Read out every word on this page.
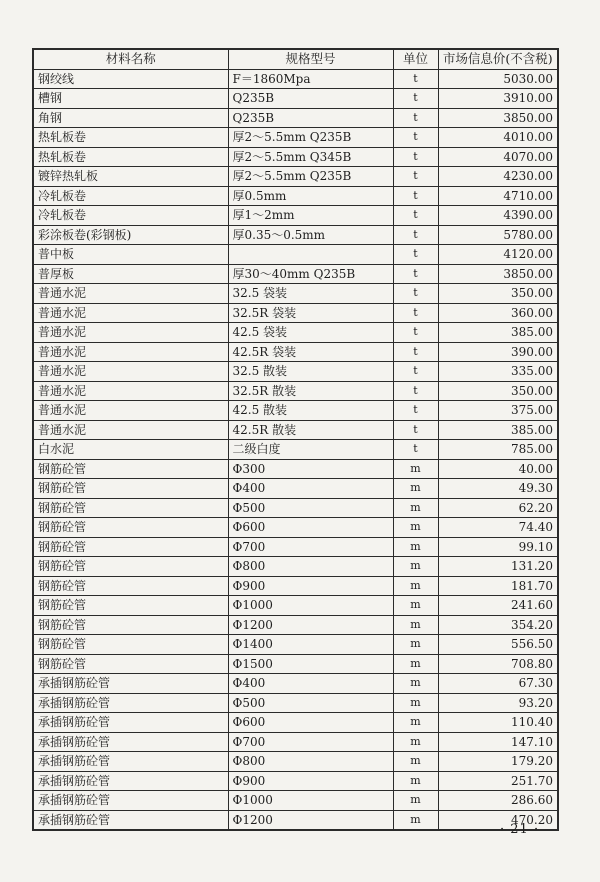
材料名称	规格型号	单位	市场信息价(不含税)
钢绞线	F＝1860Mpa	t	5030.00
槽钢	Q235B	t	3910.00
角钢	Q235B	t	3850.00
热轧板卷	厚2～5.5mm Q235B	t	4010.00
热轧板卷	厚2～5.5mm Q345B	t	4070.00
镀锌热轧板	厚2～5.5mm Q235B	t	4230.00
冷轧板卷	厚0.5mm	t	4710.00
冷轧板卷	厚1～2mm	t	4390.00
彩涂板卷(彩钢板)	厚0.35～0.5mm	t	5780.00
普中板		t	4120.00
普厚板	厚30～40mm Q235B	t	3850.00
普通水泥	32.5 袋装	t	350.00
普通水泥	32.5R 袋装	t	360.00
普通水泥	42.5 袋装	t	385.00
普通水泥	42.5R 袋装	t	390.00
普通水泥	32.5 散装	t	335.00
普通水泥	32.5R 散装	t	350.00
普通水泥	42.5 散装	t	375.00
普通水泥	42.5R 散装	t	385.00
白水泥	二级白度	t	785.00
钢筋砼管	Φ300	m	40.00
钢筋砼管	Φ400	m	49.30
钢筋砼管	Φ500	m	62.20
钢筋砼管	Φ600	m	74.40
钢筋砼管	Φ700	m	99.10
钢筋砼管	Φ800	m	131.20
钢筋砼管	Φ900	m	181.70
钢筋砼管	Φ1000	m	241.60
钢筋砼管	Φ1200	m	354.20
钢筋砼管	Φ1400	m	556.50
钢筋砼管	Φ1500	m	708.80
承插钢筋砼管	Φ400	m	67.30
承插钢筋砼管	Φ500	m	93.20
承插钢筋砼管	Φ600	m	110.40
承插钢筋砼管	Φ700	m	147.10
承插钢筋砼管	Φ800	m	179.20
承插钢筋砼管	Φ900	m	251.70
承插钢筋砼管	Φ1000	m	286.60
承插钢筋砼管	Φ1200	m	470.20
· 21 ·
